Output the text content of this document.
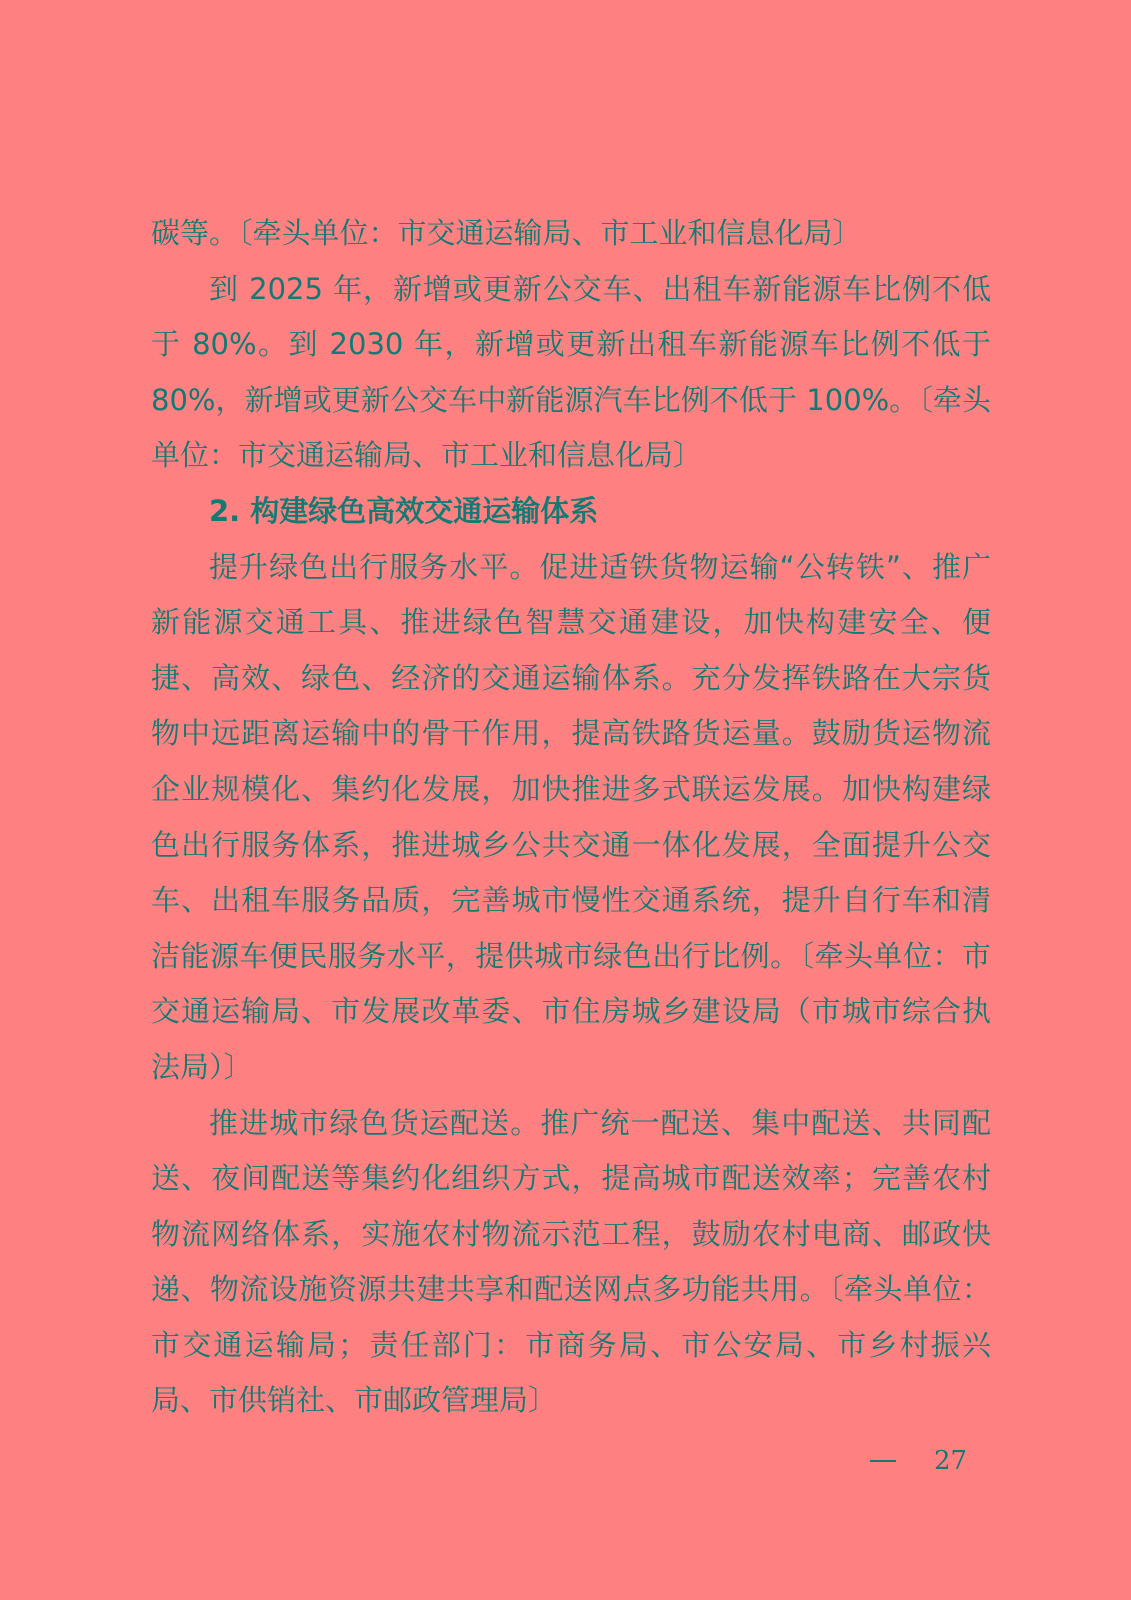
碳等。〔牵头单位：市交通运输局、市工业和信息化局〕

到 2025 年，新增或更新公交车、出租车新能源车比例不低于 80%。到 2030 年，新增或更新出租车新能源车比例不低于 80%，新增或更新公交车中新能源汽车比例不低于 100%。〔牵头单位：市交通运输局、市工业和信息化局〕

2. 构建绿色高效交通运输体系

提升绿色出行服务水平。促进适铁货物运输“公转铁”、推广新能源交通工具、推进绿色智慧交通建设，加快构建安全、便捷、高效、绿色、经济的交通运输体系。充分发挥铁路在大宗货物中远距离运输中的骨干作用，提高铁路货运量。鼓励货运物流企业规模化、集约化发展，加快推进多式联运发展。加快构建绿色出行服务体系，推进城乡公共交通一体化发展，全面提升公交车、出租车服务品质，完善城市慢性交通系统，提升自行车和清洁能源车便民服务水平，提供城市绿色出行比例。〔牵头单位：市交通运输局、市发展改革委、市住房城乡建设局（市城市综合执法局）〕

推进城市绿色货运配送。推广统一配送、集中配送、共同配送、夜间配送等集约化组织方式，提高城市配送效率；完善农村物流网络体系，实施农村物流示范工程，鼓励农村电商、邮政快递、物流设施资源共建共享和配送网点多功能共用。〔牵头单位：市交通运输局；责任部门：市商务局、市公安局、市乡村振兴局、市供销社、市邮政管理局〕

27
